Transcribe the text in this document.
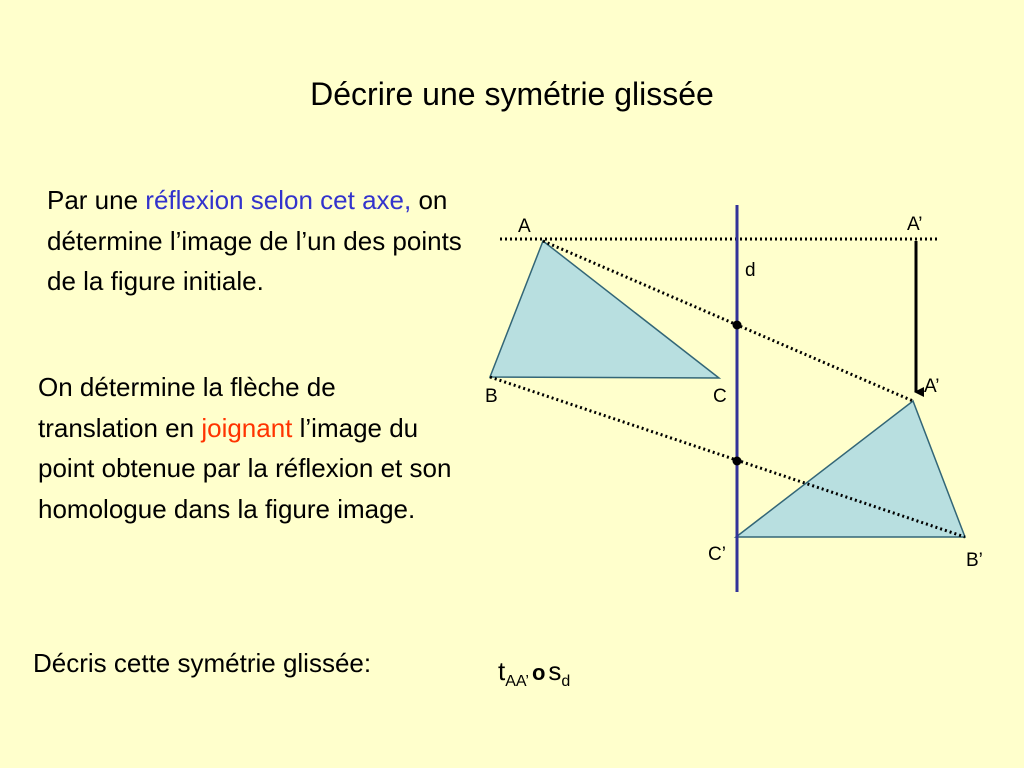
Décrire une symétrie glissée
Par une réflexion selon cet axe, on détermine l’image de l’un des points de la figure initiale.
On détermine la flèche de translation en joignant l’image du point obtenue par la réflexion et son homologue dans la figure image.
Décris cette symétrie glissée:	$t_{AA’}$ o $s_d$
A	A’
d
B	C	A’
C’	B’
